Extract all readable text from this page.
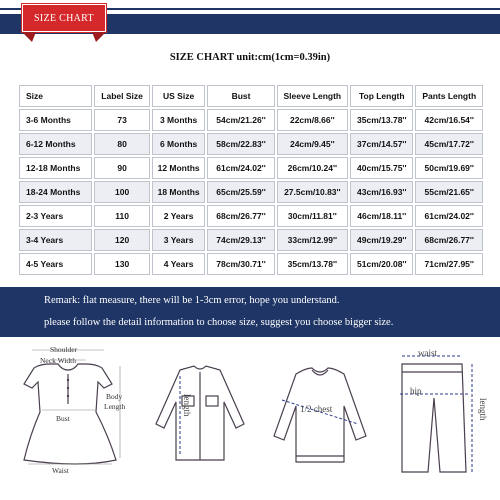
SIZE CHART
SIZE CHART unit:cm(1cm=0.39in)
Size	Label Size	US Size	Bust	Sleeve Length	Top Length	Pants Length
3-6 Months	73	3 Months	54cm/21.26''	22cm/8.66''	35cm/13.78''	42cm/16.54''
6-12 Months	80	6 Months	58cm/22.83''	24cm/9.45''	37cm/14.57''	45cm/17.72''
12-18 Months	90	12 Months	61cm/24.02''	26cm/10.24''	40cm/15.75''	50cm/19.69''
18-24 Months	100	18 Months	65cm/25.59''	27.5cm/10.83''	43cm/16.93''	55cm/21.65''
2-3 Years	110	2 Years	68cm/26.77''	30cm/11.81''	46cm/18.11''	61cm/24.02''
3-4 Years	120	3 Years	74cm/29.13''	33cm/12.99''	49cm/19.29''	68cm/26.77''
4-5 Years	130	4 Years	78cm/30.71''	35cm/13.78''	51cm/20.08''	71cm/27.95''
Remark: flat measure, there will be 1-3cm error, hope you understand.
please follow the detail information to choose size, suggest you choose bigger size.
Shoulder
Neck Width
Bust
Waist
Body
Length	length	1/2 chest
waist
hip
length
